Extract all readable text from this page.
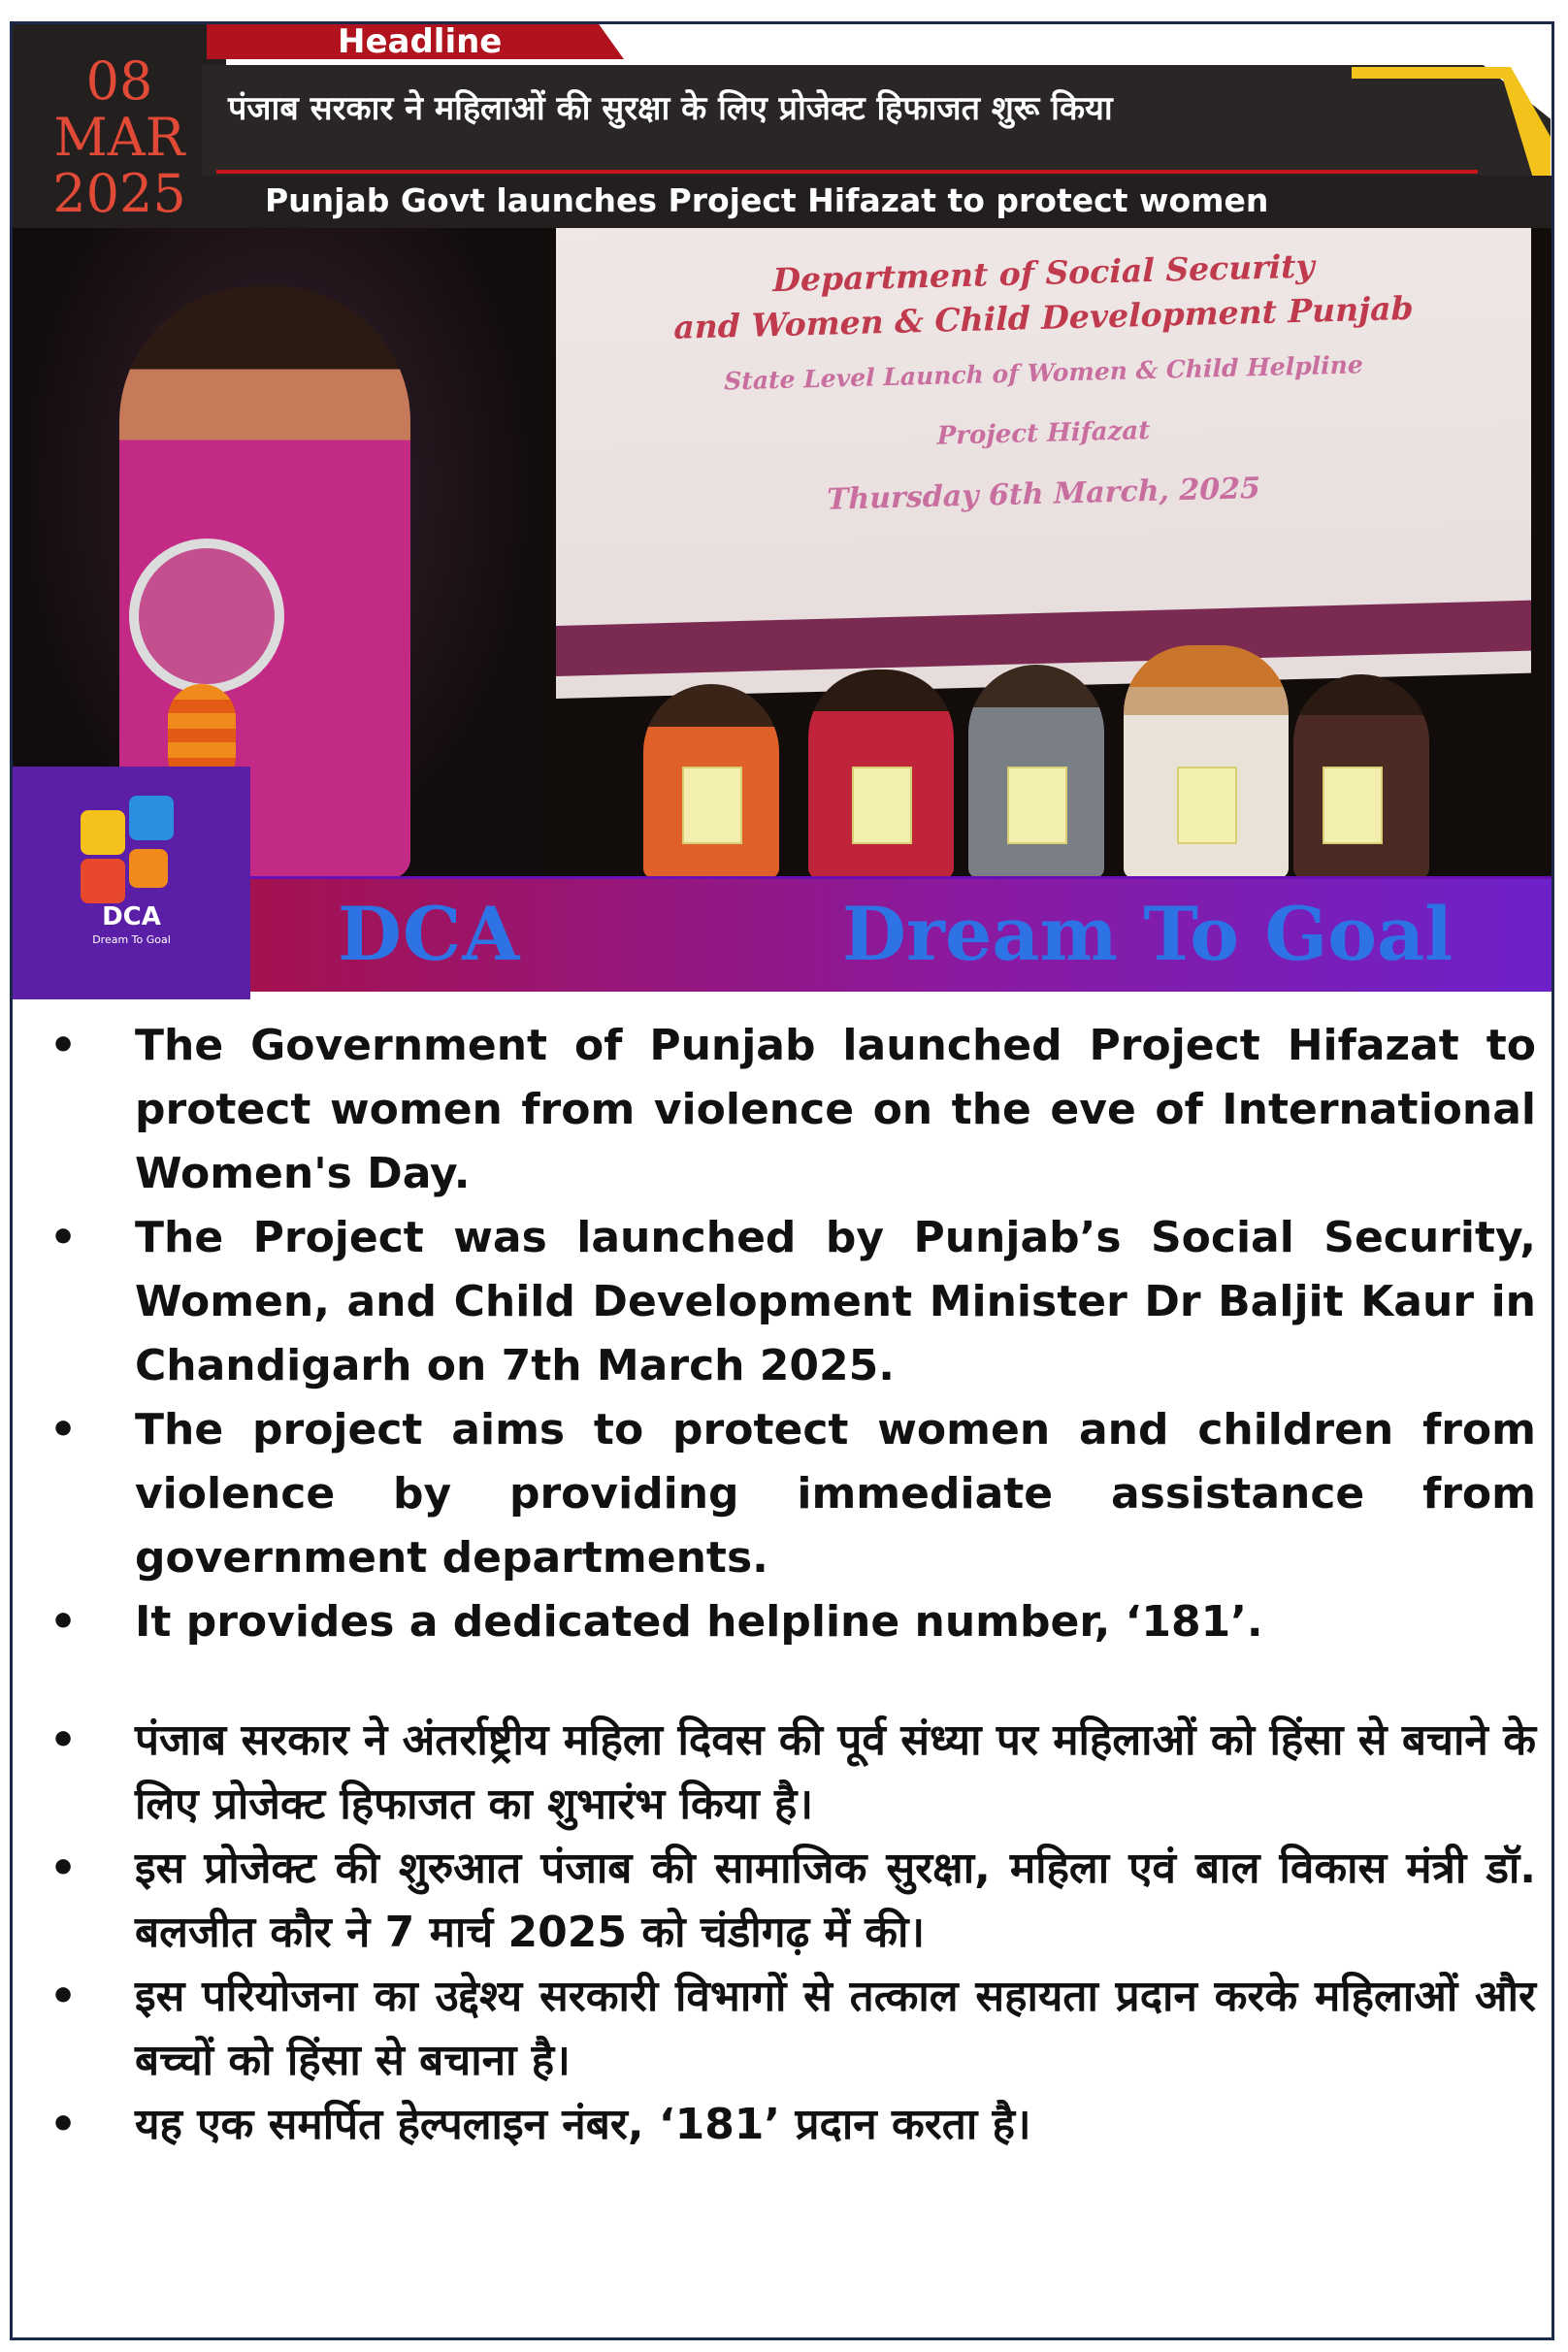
08
MAR
2025
Headline
पंजाब सरकार ने महिलाओं की सुरक्षा के लिए प्रोजेक्ट हिफाजत शुरू किया
Punjab Govt launches Project Hifazat to protect women
Department of Social Security
and Women & Child Development Punjab
State Level Launch of Women & Child Helpline
Project Hifazat
Thursday 6th March, 2025
DCA
Dream To Goal	DCA	Dream To Goal
• The Government of Punjab launched Project Hifazat to protect women from violence on the eve of International Women's Day.
• The Project was launched by Punjab’s Social Security, Women, and Child Development Minister Dr Baljit Kaur in Chandigarh on 7th March 2025.
• The project aims to protect women and children from violence by providing immediate assistance from government departments.
• It provides a dedicated helpline number, ‘181’.
• पंजाब सरकार ने अंतर्राष्ट्रीय महिला दिवस की पूर्व संध्या पर महिलाओं को हिंसा से बचाने के लिए प्रोजेक्ट हिफाजत का शुभारंभ किया है।
• इस प्रोजेक्ट की शुरुआत पंजाब की सामाजिक सुरक्षा, महिला एवं बाल विकास मंत्री डॉ. बलजीत कौर ने 7 मार्च 2025 को चंडीगढ़ में की।
• इस परियोजना का उद्देश्य सरकारी विभागों से तत्काल सहायता प्रदान करके महिलाओं और बच्चों को हिंसा से बचाना है।
• यह एक समर्पित हेल्पलाइन नंबर, ‘181’ प्रदान करता है।
